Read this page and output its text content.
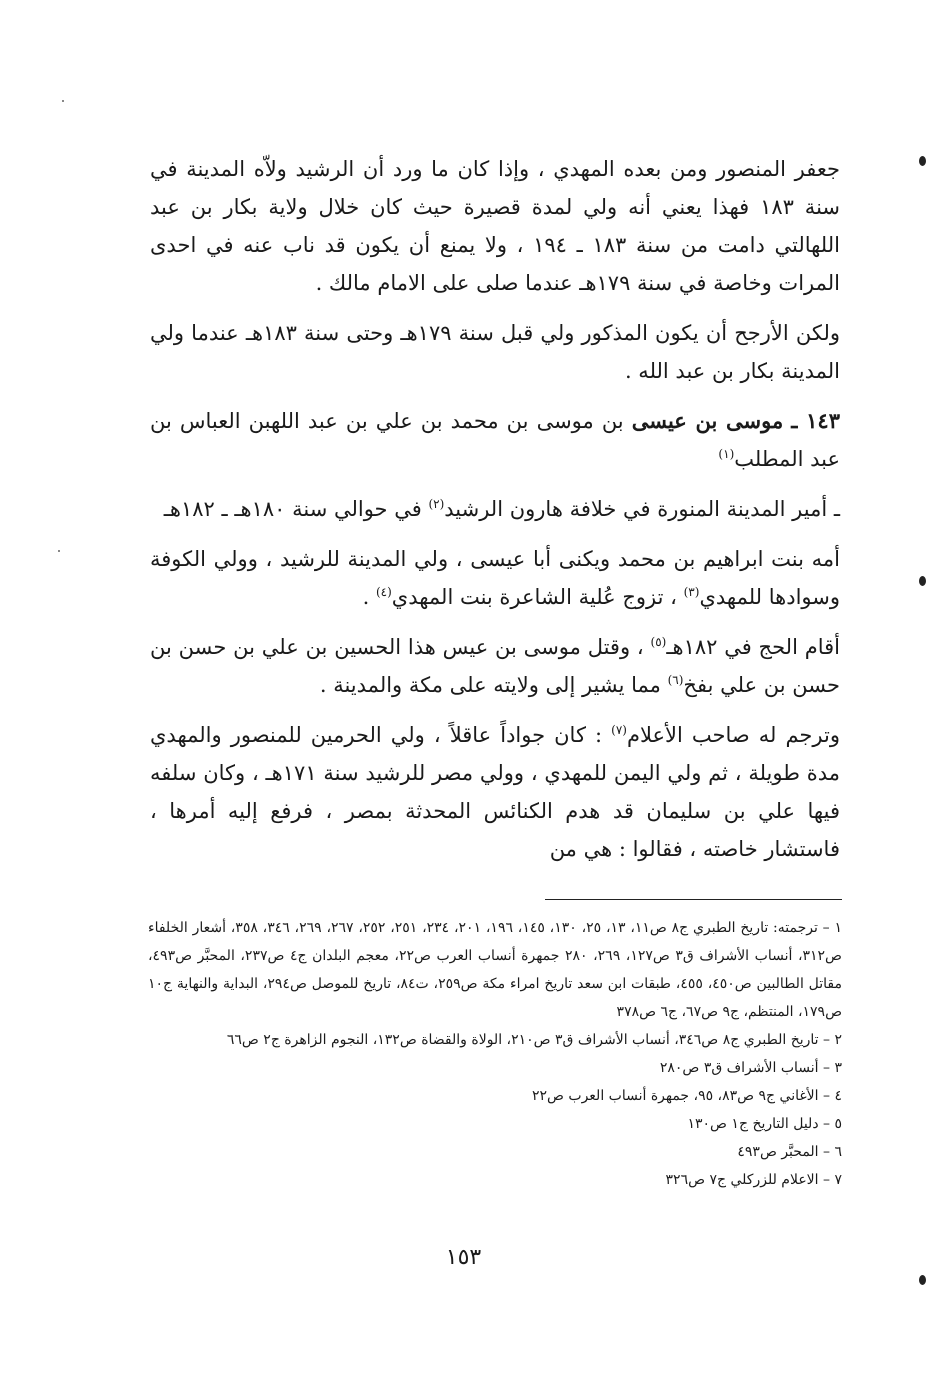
جعفر المنصور ومن بعده المهدي ، وإذا كان ما ورد أن الرشيد ولاّه المدينة في سنة ١٨٣ فهذا يعني أنه ولي لمدة قصيرة حيث كان خلال ولاية بكار بن عبد اللهالتي دامت من سنة ١٨٣ ـ ١٩٤ ، ولا يمنع أن يكون قد ناب عنه في احدى المرات وخاصة في سنة ١٧٩هـ عندما صلى على الامام مالك .

ولكن الأرجح أن يكون المذكور ولي قبل سنة ١٧٩هـ وحتى سنة ١٨٣هـ عندما ولي المدينة بكار بن عبد الله .

١٤٣ ـ موسى بن عيسى بن موسى بن محمد بن علي بن عبد اللهبن العباس بن عبد المطلب$^{(١)}$

ـ أمير المدينة المنورة في خلافة هارون الرشيد$^{(٢)}$ في حوالي سنة ١٨٠هـ ـ ١٨٢هـ

أمه بنت ابراهيم بن محمد ويكنى أبا عيسى ، ولي المدينة للرشيد ، وولي الكوفة وسوادها للمهدي$^{(٣)}$ ، تزوج عُلية الشاعرة بنت المهدي$^{(٤)}$ .

أقام الحج في ١٨٢هـ$^{(٥)}$ ، وقتل موسى بن عيس هذا الحسين بن علي بن حسن بن حسن بن علي بفخ$^{(٦)}$ مما يشير إلى ولايته على مكة والمدينة .

وترجم له صاحب الأعلام$^{(٧)}$ : كان جواداً عاقلاً ، ولي الحرمين للمنصور والمهدي مدة طويلة ، ثم ولي اليمن للمهدي ، وولي مصر للرشيد سنة ١٧١هـ ، وكان سلفه فيها علي بن سليمان قد هدم الكنائس المحدثة بمصر ، فرفع إليه أمرها ، فاستشار خاصته ، فقالوا : هي من

١ – ترجمته: تاريخ الطبري ج٨ ص١١، ١٣، ٢٥، ١٣٠، ١٤٥، ١٩٦، ٢٠١، ٢٣٤، ٢٥١، ٢٥٢، ٢٦٧، ٢٦٩، ٣٤٦، ٣٥٨، أشعار الخلفاء ص٣١٢، أنساب الأشراف ق٣ ص١٢٧، ٢٦٩، ٢٨٠ جمهرة أنساب العرب ص٢٢، معجم البلدان ج٤ ص٢٣٧، المحبَّر ص٤٩٣، مقاتل الطالبين ص٤٥٠، ٤٥٥، طبقات ابن سعد تاريخ امراء مكة ص٢٥٩، ت٨٤، تاريخ للموصل ص٢٩٤، البداية والنهاية ج١٠ ص١٧٩، المنتظم، ج٩ ص٦٧، ج٦ ص٣٧٨

٢ – تاريخ الطبري ج٨ ص٣٤٦، أنساب الأشراف ق٣ ص٢١٠، الولاة والقضاة ص١٣٢، النجوم الزاهرة ج٢ ص٦٦

٣ – أنساب الأشراف ق٣ ص٢٨٠

٤ – الأغاني ج٩ ص٨٣، ٩٥، جمهرة أنساب العرب ص٢٢

٥ – دليل التاريخ ج١ ص١٣٠

٦ – المحبَّر ص٤٩٣

٧ – الاعلام للزركلي ج٧ ص٣٢٦

١٥٣
